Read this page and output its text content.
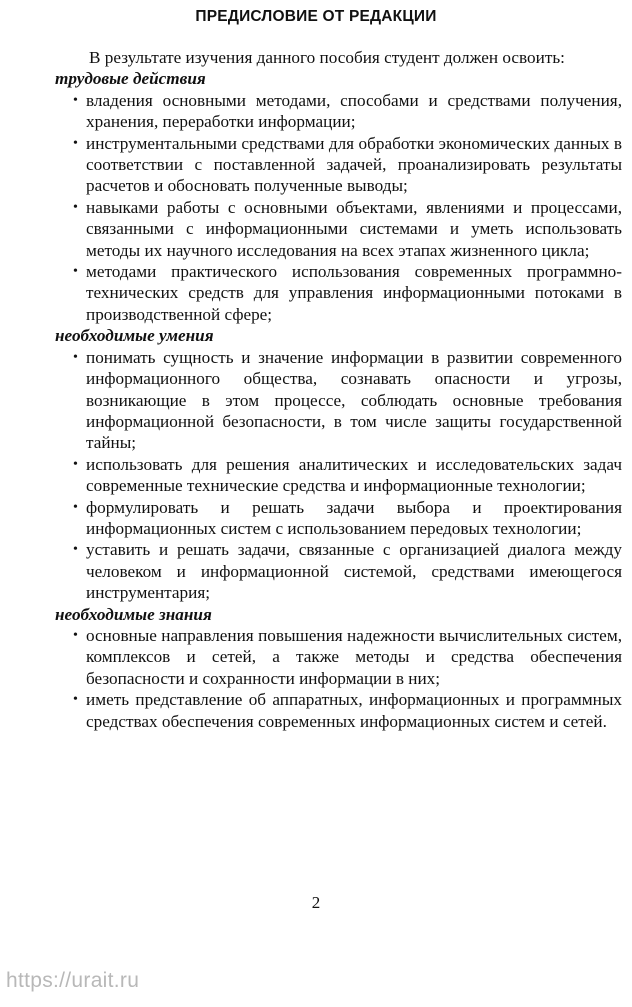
ПРЕДИСЛОВИЕ ОТ РЕДАКЦИИ

В результате изучения данного пособия студент должен освоить:

трудовые действия

• владения основными методами, способами и средствами получения, хранения, переработки информации;
• инструментальными средствами для обработки экономических данных в соответствии с поставленной задачей, проанализировать результаты расчетов и обосновать полученные выводы;
• навыками работы с основными объектами, явлениями и процессами, связанными с информационными системами и уметь использовать методы их научного исследования на всех этапах жизненного цикла;
• методами практического использования современных программно-технических средств для управления информационными потоками в производственной сфере;

необходимые умения

• понимать сущность и значение информации в развитии современного информационного общества, сознавать опасности и угрозы, возникающие в этом процессе, соблюдать основные требования информационной безопасности, в том числе защиты государственной тайны;
• использовать для решения аналитических и исследовательских задач современные технические средства и информационные технологии;
• формулировать и решать задачи выбора и проектирования информационных систем с использованием передовых технологии;
• уставить и решать задачи, связанные с организацией диалога между человеком и информационной системой, средствами имеющегося инструментария;

необходимые знания

• основные направления повышения надежности вычислительных систем, комплексов и сетей, а также методы и средства обеспечения безопасности и сохранности информации в них;
• иметь представление об аппаратных, информационных и программных средствах обеспечения современных информационных систем и сетей.
2
https://urait.ru
